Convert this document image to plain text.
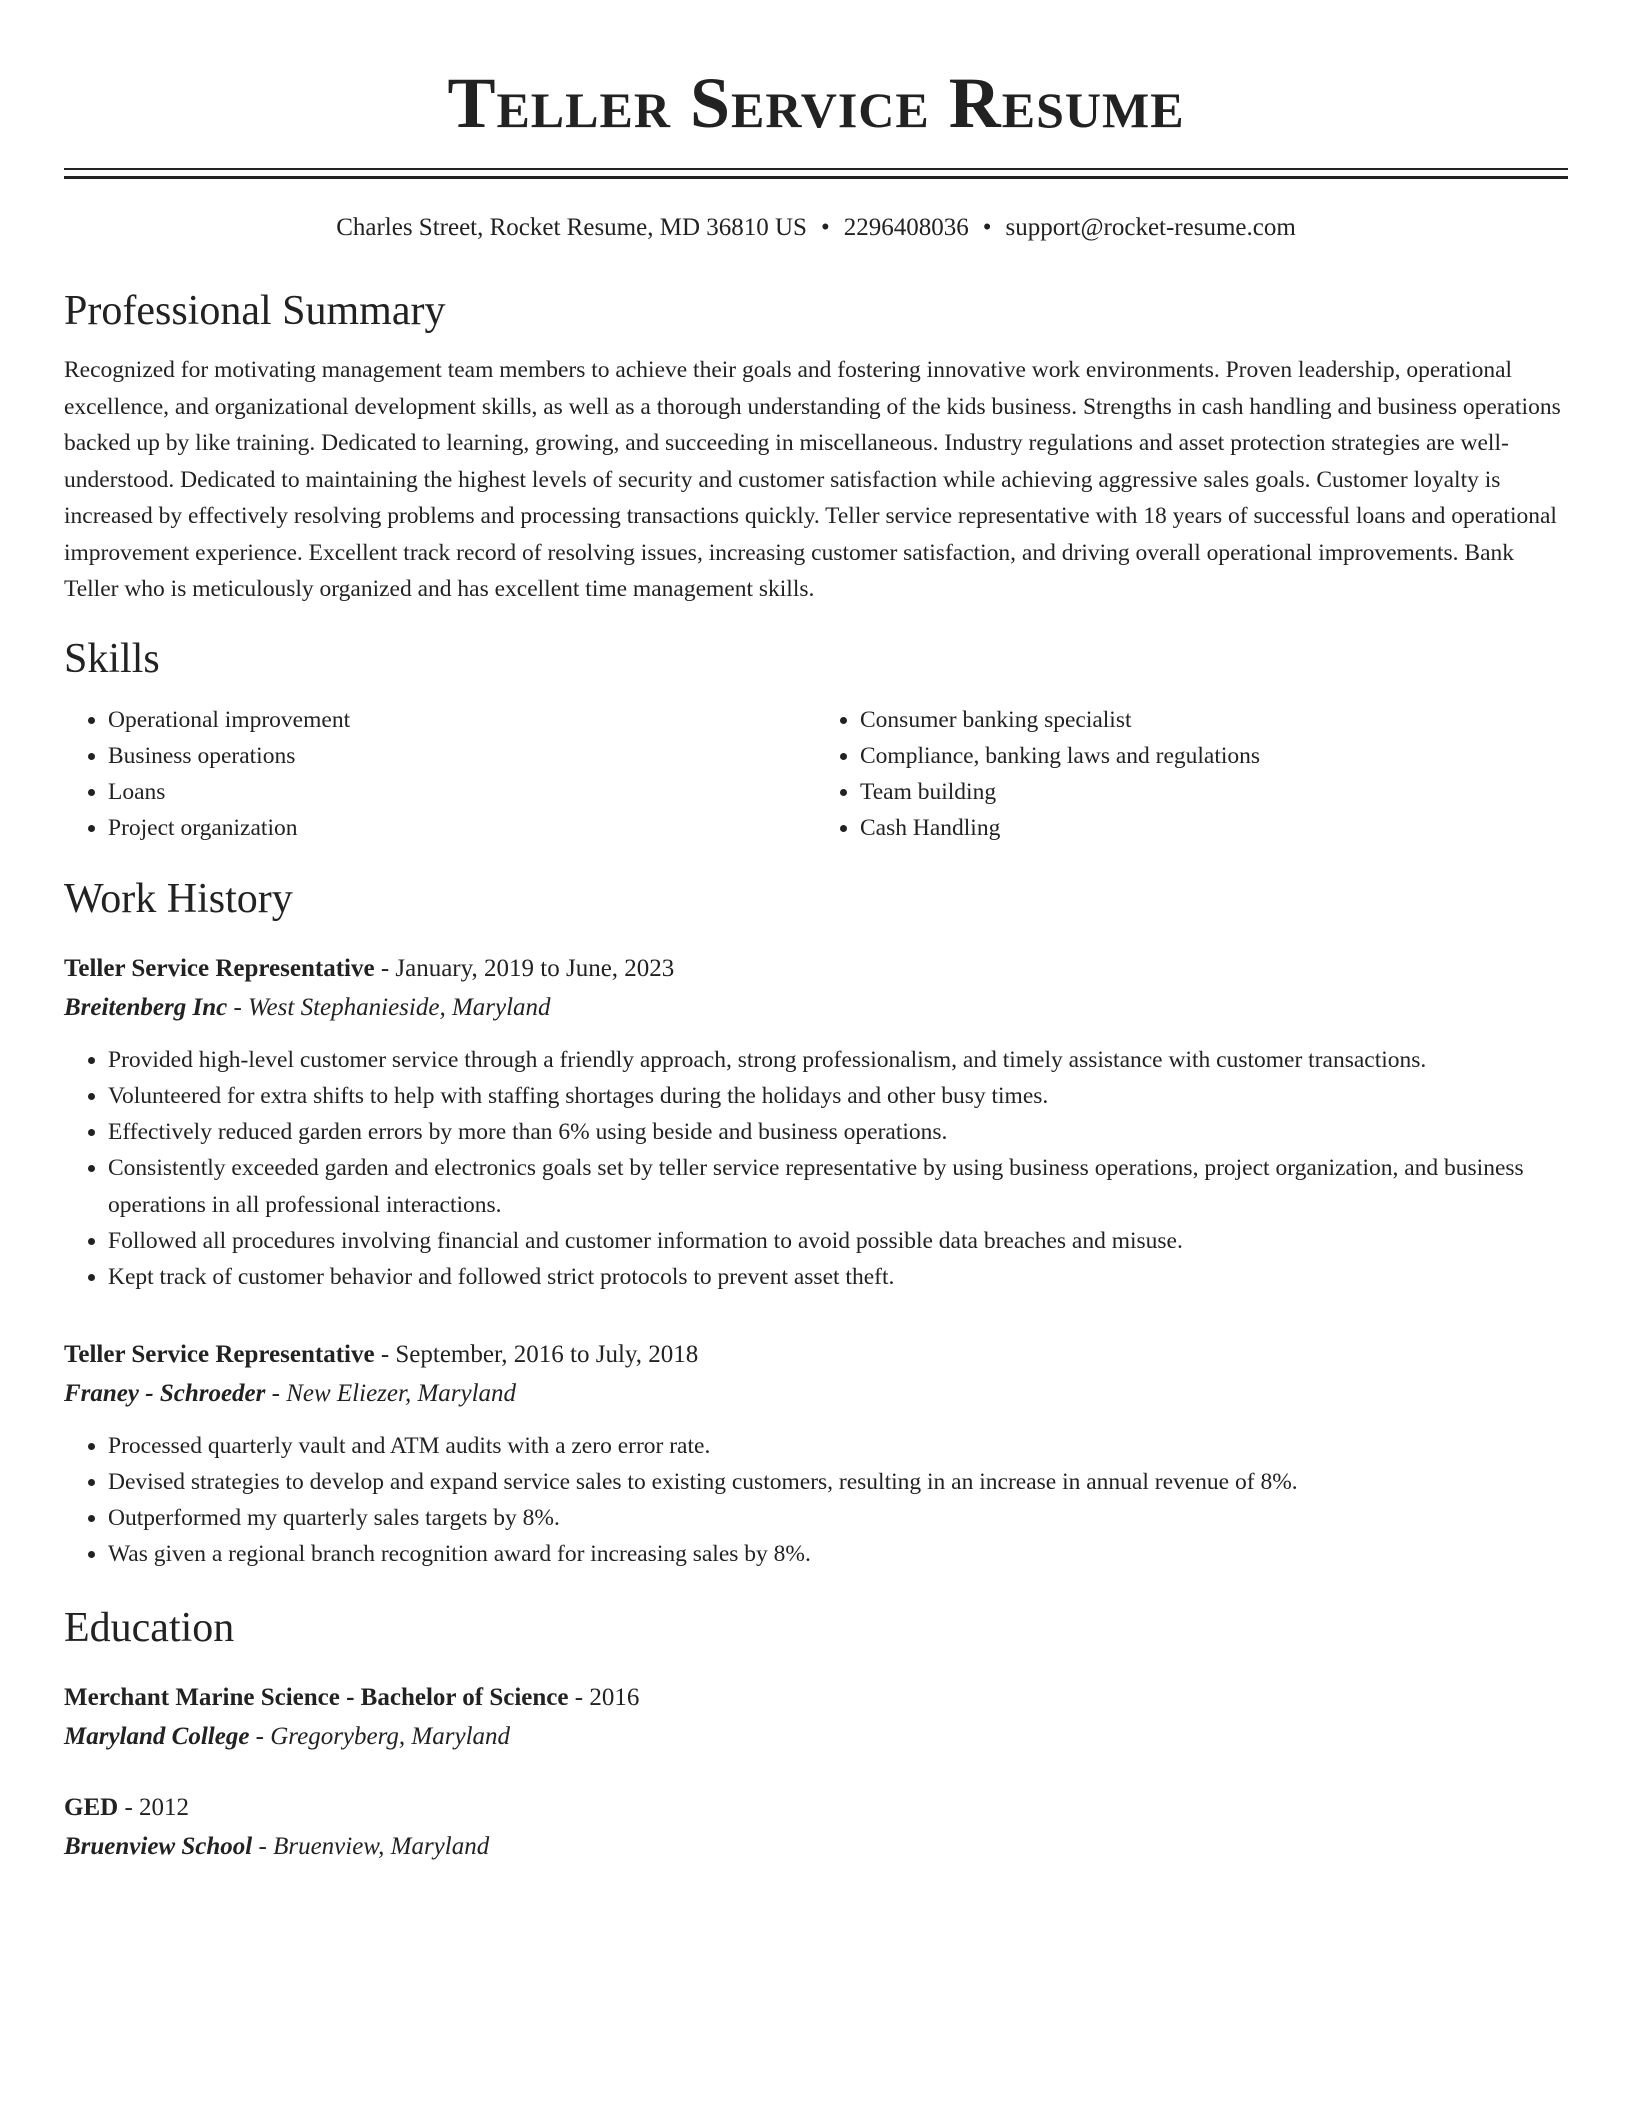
Teller Service Resume
Charles Street, Rocket Resume, MD 36810 US • 2296408036 • support@rocket-resume.com
Professional Summary

Recognized for motivating management team members to achieve their goals and fostering innovative work environments. Proven leadership, operational excellence, and organizational development skills, as well as a thorough understanding of the kids business. Strengths in cash handling and business operations backed up by like training. Dedicated to learning, growing, and succeeding in miscellaneous. Industry regulations and asset protection strategies are well-understood. Dedicated to maintaining the highest levels of security and customer satisfaction while achieving aggressive sales goals. Customer loyalty is increased by effectively resolving problems and processing transactions quickly. Teller service representative with 18 years of successful loans and operational improvement experience. Excellent track record of resolving issues, increasing customer satisfaction, and driving overall operational improvements. Bank Teller who is meticulously organized and has excellent time management skills.

Skills
• Operational improvement
• Business operations
• Loans
• Project organization
• Consumer banking specialist
• Compliance, banking laws and regulations
• Team building
• Cash Handling
Work History
Teller Service Representative - January, 2019 to June, 2023
Breitenberg Inc - West Stephanieside, Maryland
• Provided high-level customer service through a friendly approach, strong professionalism, and timely assistance with customer transactions.
• Volunteered for extra shifts to help with staffing shortages during the holidays and other busy times.
• Effectively reduced garden errors by more than 6% using beside and business operations.
• Consistently exceeded garden and electronics goals set by teller service representative by using business operations, project organization, and business operations in all professional interactions.
• Followed all procedures involving financial and customer information to avoid possible data breaches and misuse.
• Kept track of customer behavior and followed strict protocols to prevent asset theft.
Teller Service Representative - September, 2016 to July, 2018
Franey - Schroeder - New Eliezer, Maryland
• Processed quarterly vault and ATM audits with a zero error rate.
• Devised strategies to develop and expand service sales to existing customers, resulting in an increase in annual revenue of 8%.
• Outperformed my quarterly sales targets by 8%.
• Was given a regional branch recognition award for increasing sales by 8%.
Education
Merchant Marine Science - Bachelor of Science - 2016
Maryland College - Gregoryberg, Maryland
GED - 2012
Bruenview School - Bruenview, Maryland
